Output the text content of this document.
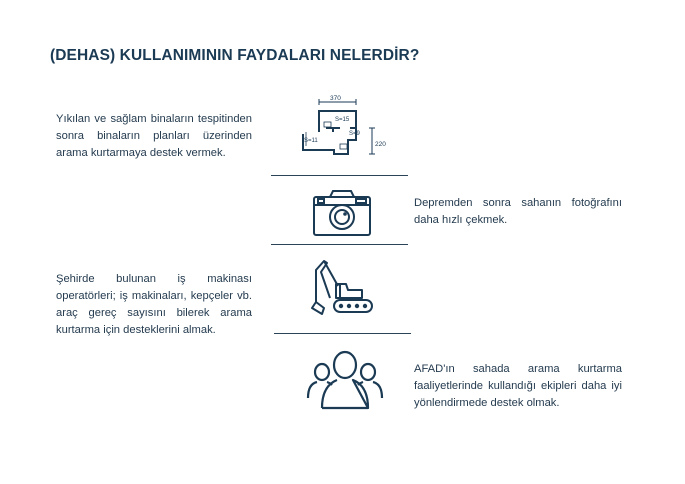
(DEHAS) KULLANIMININ FAYDALARI NELERDİR?
Yıkılan ve sağlam binaların tespitinden sonra binaların planları üzerinden arama kurtarmaya destek vermek.
Depremden sonra sahanın fotoğrafını daha hızlı çekmek.
Şehirde bulunan iş makinası operatörleri; iş makinaları, kepçeler vb. araç gereç sayısını bilerek arama kurtarma için desteklerini almak.
AFAD'ın sahada arama kurtarma faaliyetlerinde kullandığı ekipleri daha iyi yönlendirmede destek olmak.
370
S=15
S=9
S=11	220
